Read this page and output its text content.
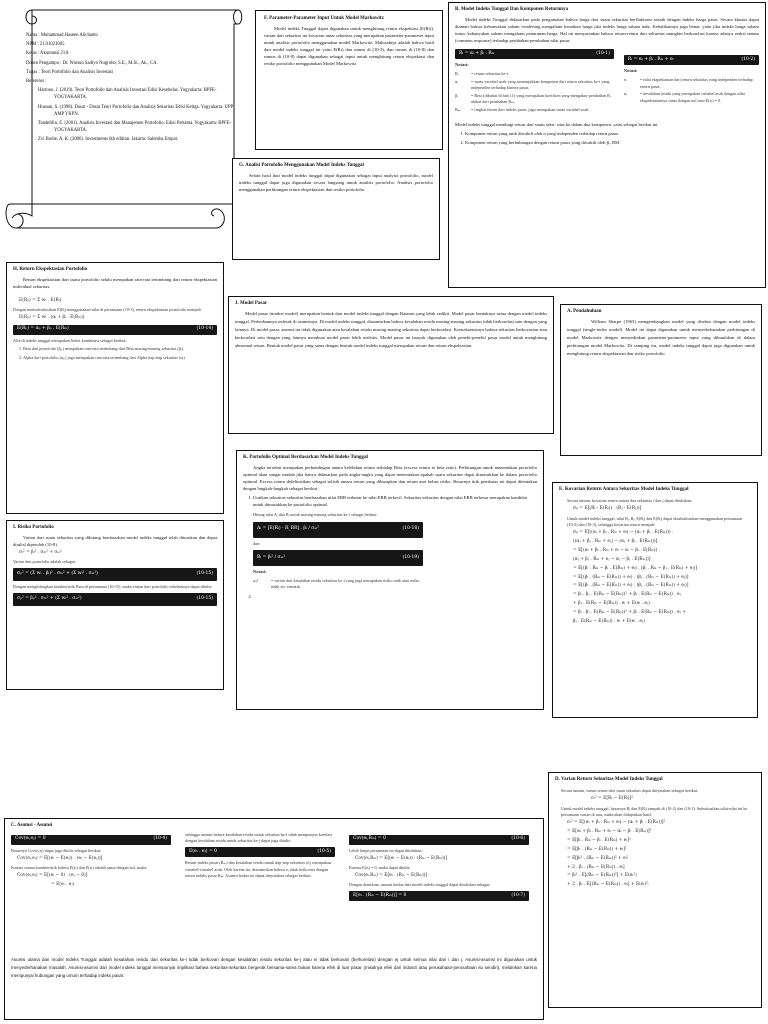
Nama : Muhammad Haseen Alichanto
NPM : 21.01021005
Kelas : Akuntansi 21A
Dosen Pengampu : Dr. Warsun Sadiyo Nugroho, S.E., M.Si., Ak., CA.
Tugas : Teori Portofolio dan Analisis Investasi
Referensi :
Hartono, J. (2019). Teori Portofolio dan Analisis Investasi Edisi Kesebelas. Yogyakarta: BPFE-YOGYAKARTA.
Husnan, S. (1998). Dasar - Dasar Teori Portofolio dan Analisis Sekuritas Edisi Ketiga. Yogyakarta: UPP AMP YKPN.
Tandelilin, E. (2001). Analisis Investasi dan Manajemen Portofolio. Edisi Pertama. Yogyakarta: BPFE-YOGYAKARTA.
Zvi Bodie, A. K. (2006). Investments 6th edition. Jakarta: Salemba Empat.
F. Parameter-Parameter Input Untuk Model Markowitz
Model indeks Tunggal dapat digunakan untuk menghitung return ekspektasi (E(Ri)), varian dari sekuritas ini kovarian antar sekuritas yang merupakan parameter-parameter input untuk analisis portofolio menggunakan model Markowitz. Maksudnya adalah bahwa hasil dari model indeks tunggal ini yaitu E(Ri) dan rumus di (10-3), dan rumus di (10-8) dan rumus di (10-9) dapat digunakan sebagai input untuk menghitung return ekspektasi dan resiko portofolio menggunakan Model Markowitz.
B. Model Indeks Tunggal Dan Komponen Returnnya
Model indeks Tunggal didasarkan pada pengamatan bahwa harga dari suatu sekuritas berfluktuasi searah dengan indeks harga pasar. Secara khusus dapat diamati bahwa kebanyakan saham cenderung mengalami kenaikan harga jika indeks harga saham naik. Kebalikannya juga benar, yaitu jika indeks harga saham turun, kebanyakan saham mengalami penurunan harga. Hal ini menyarankan bahwa return-return dari sekuritas mungkin berkorelasi karena adanya reaksi umum (common response) terhadap perubahan-perubahan nilai pasar.
Rᵢ = αᵢ + βᵢ . Rₘ	(10-1)
Notasi:
Rᵢ	= return sekuritas ke-i,
αᵢ	= suatu variabel acak yang menunjukkan komponen dari return sekuritas ke-i yang independen terhadap kinerja pasar,
βᵢ	= Beta (dibahas di bab 11) yang merupakan koefisien yang mengukur perubahan Rᵢ akibat dari perubahan Rₘ,
Rₘ	= tingkat return dari indeks pasar, juga merupakan suatu variabel acak.
Rᵢ = αᵢ + βᵢ . Rₘ + eᵢ	(10-2)
Notasi:
eᵢ	= nilai ekspektasian dari return sekuritas yang independen terhadap return pasar,
αᵢ	= kesalahan residu yang merupakan variabel acak dengan nilai ekspektasiannya sama dengan nol atau E(eᵢ) = 0.
Model indeks tunggal membagi return dari suatu seku- ritas ke dalam dua komponen, yaitu sebagai berikut ini.
1. Komponen return yang unik diwakili oleh α yang independen terhadap return pasar.
2. Komponen return yang berhubungan dengan return pasar yang diwakili oleh βᵢ. RM.
G. Analisi Portofolio Menggunakan Model Indeks Tunggal
Selain hasil dari model indeks tunggal dapat digunakan sebagai input analysis portofolio, model indeks tunggal dapat juga digunakan secara langsung untuk analisis portofolio. Analisis portofolio menggunakan perhitungan return ekspektasian dan resiko portofolio.
H. Return Ekspektasian Portofolio
Return ekspektasian dari suatu portofolio selalu merupakan rata-rata tertimbang dari return ekspektasian individual sekuritas:
E(Rₚ) = Σ wᵢ . E(Rᵢ)
Dengan mensubstitusikan E(Rᵢ) menggunakan nilai di persamaan (10-3), return ekspektasian portofolio menjadi:
E(Rₚ) = Σ wᵢ . (αᵢ + βᵢ . E(Rₘ))
E(Rₚ) = αₚ + βₚ . E(Rₘ)	(10-14)
Alfa di indeks tunggal merupakan bobot kombinasi sebagai berikut:
1. Beta dari portofolio (βₚ) merupakan rata-rata tertimbang dari Beta masing-masing sekuritas (βᵢ).
2. Alpha dari portofolio (αₚ) juga merupakan rata-rata tertimbang dari Alpha tiap-tiap sekuritas (αᵢ).
J. Model Pasar
Model pasar (market model) merupakan bentuk dari model indeks tunggal dengan Batasan yang lebih sedikit. Model pasar bentuknya sama dengan model indeks tunggal. Perbedaannya terletak di asumsinya. Di model indeks tunggal, diasumsikan bahwa kesalahan residu masing-masing sekuritas tidak berkorelasi satu dengan yang lainnya. Di model pasar, asumsi ini tidak digunakan atau kesalahan residu masing-masing sekuritas dapat berkorelasi. Konsekuensinya bahwa sekuritas berkovarian atau berkorelasi satu dengan yang lainnya membuat model pasar lebih realistis. Model pasar ini banyak digunakan oleh penelit-peneliti pasar modal untuk menghitung abnormal return. Bentuk model pasar yang sama dengan bentuk model indeks tunggal merupakan return dan return ekspektasian.
A. Pendahuluan
William Sharpe (1963) mengembangkan model yang disebut dengan model indeks tunggal (single-index model). Model ini dapat digunakan untuk menyederhanakan perhitungan di model Markowitz dengan menyediakan parameter-parameter input yang dibutuhkan di dalam perhitungan model Markowitz. Di samping itu, model indeks tunggal dapat juga digunakan untuk menghitung return ekspektasian dan risiko portofolio.
K. Portofolio Optimal Berdasarkan Model Indeks Tunggal
Angka tersebut merupakan perbandingan antara kelebihan return terhadap Beta (excess return to beta ratio). Perhitungan untuk menentukan portofolio optimal akan sangat mudah jika hanya didasarkan pada angka-angka yang dapat menentukan apakah suatu sekuritas dapat dimasukkan ke dalam portofolio optimal. Excess return didefinisikan sebagai selisih antara return yang diharapkan dan return aset bebas risiko. Besarnya titik pembatas ini dapat ditentukan dengan langkah-langkah sebagai berikut :
1. Urutkan sekuritas-sekuritas berdasarkan nilai ERB terbesar ke nilai ERB terkecil. Sekuritas-sekuritas dengan nilai ERB terbesar merupakan kandidat untuk dimasukkan ke portofolio optimal.
Hitung nilai Aᵢ dan Bᵢ untuk masing-masing sekuritas ke-i sebagai berikut:
Aᵢ = [E(Rᵢ) - R_BR] . βᵢ / σₑᵢ²	(10-18)
dan:
Bᵢ = βᵢ² / σₑᵢ²	(10-19)
Notasi:
σₑᵢ²	= varian dari kesalahan residu sekuritas ke-i yang juga merupakan risiko unik atau risiko tidak sis- tematik.
2.
E. Kovarian Return Antara Sekuritas Model Indeks Tunggal
Secara umum, kovarian return antara dua sekuritas i dan j dapat dituliskan:
σᵢⱼ = E[(Rᵢ - E(Rᵢ)) . (Rⱼ - E(Rⱼ))]
Untuk model indeks tunggal, nilai Rᵢ, Rⱼ, E(Rᵢ) dan E(Rⱼ) dapat disubstitusikan menggunakan persamaan (10-2) dan (10-3), sehingga kovarian return menjadi:
σᵢⱼ = E[((αᵢ + βᵢ . Rₘ + eᵢ) − (αᵢ + βᵢ . E(Rₘ))) .
((αⱼ + βⱼ . Rₘ + eⱼ) − (αⱼ + βⱼ . E(Rₘ)))]
= E[(αᵢ + βᵢ . Rₘ + eᵢ − αᵢ − βᵢ . E(Rₘ)) .
(αⱼ + βⱼ . Rₘ + eⱼ − αⱼ − βⱼ . E(Rₘ))]
= E[(βᵢ . Rₘ − βᵢ . E(Rₘ) + eᵢ) . (βⱼ . Rₘ − βⱼ . E(Rₘ) + eⱼ)]
= E[(βᵢ . (Rₘ − E(Rₘ)) + eᵢ) . (βⱼ . (Rₘ − E(Rₘ)) + eⱼ)]
= E[(βᵢ . (Rₘ − E(Rₘ)) + eᵢ) . (βⱼ . (Rₘ − E(Rₘ)) + eⱼ)]
= βᵢ . βⱼ . E(Rₘ − E(Rₘ))² + βᵢ . E(Rₘ − E(Rₘ)) . eⱼ
+ βⱼ . E(Rₘ − E(Rₘ)) . eᵢ + E(eᵢ . eⱼ)
= βᵢ . βⱼ . E(Rₘ − E(Rₘ))² + βᵢ . E(Rₘ − E(Rₘ)) . eⱼ +
βⱼ . E(Rₘ − E(Rₘ)) . eᵢ + E(eᵢ . eⱼ)
I. Risiko Portofolio
Varian dari suatu sekuritas yang dihitung berdasarkan model indeks tunggal telah diturukan dan dapat ditulisl diperoleh (10-8).
σᵢ² = βᵢ² . σₘ² + σₑᵢ²
Varian dari portofolio adalah sebagai:
σₚ² = (Σ wᵢ . βᵢ)² . σₘ² + (Σ wᵢ² . σₑᵢ²)	(10-15)
Dengan menghilangkan karakteristik Beta di persamaan (10-15), maka varian dari portofolio sebelumnya dapat ditulis:
σₚ² = βₚ² . σₘ² + (Σ wᵢ² . σₑᵢ²)	(10-15)
D. Varian Return Sekuritas Model Indeks Tunggal
Secara umum, varian return dari suatu sekuritas dapat dinyatakan sebagai berikut:
σᵢ² = E[Rᵢ − E(Rᵢ)]²
Untuk model indeks tunggal, besarnya Rᵢ dan E(Rᵢ) tampak di (10-2) dan (10-3). Substitusikan nilai-nilai ini ke persamaan varian di atas, maka akan didapatkan hasil:
σᵢ² = E[(αᵢ + βᵢ . Rₘ + eᵢ) − (αᵢ + βᵢ . E(Rₘ))]²
= E[αᵢ + βᵢ . Rₘ + eᵢ − αᵢ − βᵢ . E(Rₘ)]²
= E[βᵢ . Rₘ − βᵢ . E(Rₘ) + eᵢ]²
= E[βᵢ . (Rₘ − E(Rₘ)) + eᵢ]²
= E[βᵢ² . (Rₘ − E(Rₘ))² + eᵢ²
+ 2 . βᵢ . (Rₘ − E(Rₘ)) . eᵢ]
= βᵢ² . E[(Rₘ − E(Rₘ))²] + E(eᵢ²)
+ 2 . βᵢ . E[(Rₘ − E(Rₘ)) . eᵢ] + E(eᵢ)².
C. Asumsi - Asumsi
Cov(eᵢ,eⱼ) = 0	(10-4)
Besarnya Cov(eᵢ,eⱼ) dapat juga ditulis sebagai berikut:
Cov(eᵢ,eⱼ) = E[(eᵢ − E(eᵢ)) . (eⱼ − E(eⱼ))]
Karena semua karakteristik bahwa E(eᵢ) dan E(eⱼ) adalah sama dengan nol, maka:
Cov(eᵢ,eⱼ) = E[(eᵢ − 0) . (eⱼ − 0)]
= E(eᵢ . eⱼ)
sehingga asumsi bahwa kesalahan residu untuk sekuritas ke-i tidak mempunyai korelasi dengan kesalahan residu untuk sekuritas ke-j dapat juga ditulis:
E(eᵢ . eⱼ) = 0	(10-5)
Return indeks pasar (Rₘ) dan kesalahan residu untuk tiap-tiap sekuritas (eᵢ) merupakan variabel-variabel acak. Oleh karena itu, diasumsikan bahwa eᵢ tidak berkovari dengan return indeks pasar Rₘ. Asumsi kedua ini dapat dinyatakan sebagai berikut:
Cov(eᵢ,Rₘ) = 0	(10-6)
Lebih lanjut persamaan ini dapat dituliskan:
Cov(eᵢ,Rₘ) = E[(eᵢ − E(eᵢ)) . (Rₘ − E(Rₘ))]
Karena E(eᵢ) = 0, maka dapat ditulis:
Cov(eᵢ,Rₘ) = E[eᵢ . (Rₘ − E(Rₘ))]
Dengan demikian, asumsi kedua dari model indeks tunggal dapat dituliskan sebagai:
E[eᵢ . (Rₘ − E(Rₘ))] = 0	(10-7)
Asumsi utama dari model Indeks Tunggal adalah kesalahan residu dari sekuritas ke-i tidak berkovari dengan kesalahan residu sekuritas ke-j atau ei tidak berkovari (berkorelasi) dengan ej untuk semua nilai dari i dan j. Asumsi-asumsi ini digunakan untuk menyederhanakan masalah. Asumsi-asumsi dari model indeks tunggal mempunyai implikasi bahwa sekuritas-sekuritas bergerak bersama-sama bukan karena efek di luar pasar (misalnya efek dari industri atau perusahaan-perusahaan itu sendiri), melainkan karena mempunyai hubungan yang umum terhadap indeks pasar.
